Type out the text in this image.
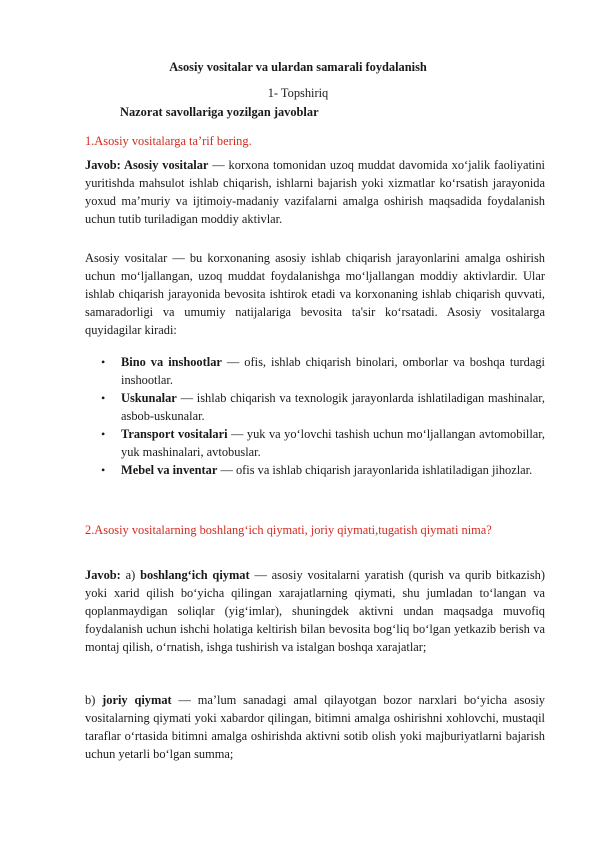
Asosiy vositalar va ulardan samarali foydalanish
1- Topshiriq
Nazorat savollariga yozilgan javoblar
1.Asosiy vositalarga ta’rif bering.
Javob: Asosiy vositalar — korxona tomonidan uzoq muddat davomida xo‘jalik faoliyatini yuritishda mahsulot ishlab chiqarish, ishlarni bajarish yoki xizmatlar ko‘rsatish jarayonida yoxud ma’muriy va ijtimoiy-madaniy vazifalarni amalga oshirish maqsadida foydalanish uchun tutib turiladigan moddiy aktivlar.
Asosiy vositalar — bu korxonaning asosiy ishlab chiqarish jarayonlarini amalga oshirish uchun mo‘ljallangan, uzoq muddat foydalanishga mo‘ljallangan moddiy aktivlardir. Ular ishlab chiqarish jarayonida bevosita ishtirok etadi va korxonaning ishlab chiqarish quvvati, samaradorligi va umumiy natijalariga bevosita ta'sir ko‘rsatadi. Asosiy vositalarga quyidagilar kiradi:
• Bino va inshootlar — ofis, ishlab chiqarish binolari, omborlar va boshqa turdagi inshootlar.
• Uskunalar — ishlab chiqarish va texnologik jarayonlarda ishlatiladigan mashinalar, asbob-uskunalar.
• Transport vositalari — yuk va yo‘lovchi tashish uchun mo‘ljallangan avtomobillar, yuk mashinalari, avtobuslar.
• Mebel va inventar — ofis va ishlab chiqarish jarayonlarida ishlatiladigan jihozlar.
2.Asosiy vositalarning boshlang‘ich qiymati, joriy qiymati,tugatish qiymati nima?
Javob: a) boshlang‘ich qiymat — asosiy vositalarni yaratish (qurish va qurib bitkazish) yoki xarid qilish bo‘yicha qilingan xarajatlarning qiymati, shu jumladan to‘langan va qoplanmaydigan soliqlar (yig‘imlar), shuningdek aktivni undan maqsadga muvofiq foydalanish uchun ishchi holatiga keltirish bilan bevosita bog‘liq bo‘lgan yetkazib berish va montaj qilish, o‘rnatish, ishga tushirish va istalgan boshqa xarajatlar;
b) joriy qiymat — ma’lum sanadagi amal qilayotgan bozor narxlari bo‘yicha asosiy vositalarning qiymati yoki xabardor qilingan, bitimni amalga oshirishni xohlovchi, mustaqil taraflar o‘rtasida bitimni amalga oshirishda aktivni sotib olish yoki majburiyatlarni bajarish uchun yetarli bo‘lgan summa;
